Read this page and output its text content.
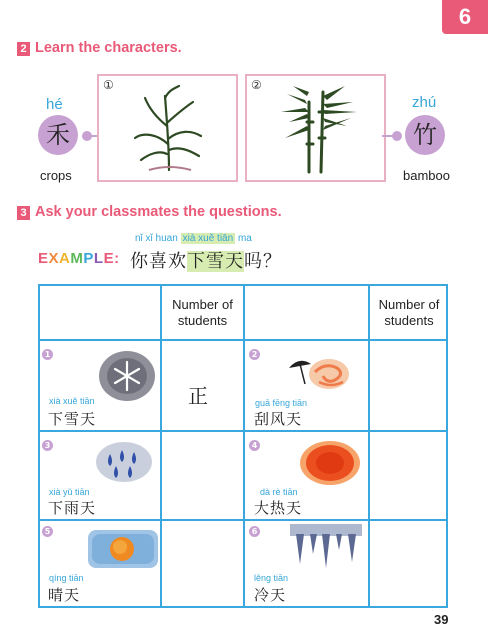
6
2 Learn the characters.
hé
禾
crops
①	②
zhú
竹
bamboo
3 Ask your classmates the questions.
nǐ xǐ huan xià xuě tiān ma
EXAMPLE: 你喜欢下雪天吗？
Number of students
Number of students
1
xià xuě tiān
下雪天
正
2
guā fēng tiān
刮风天
3
xià yǔ tiān
下雨天
4
dà rè tiān
大热天
5
qíng tiān
晴天
6
lěng tiān
冷天
39
